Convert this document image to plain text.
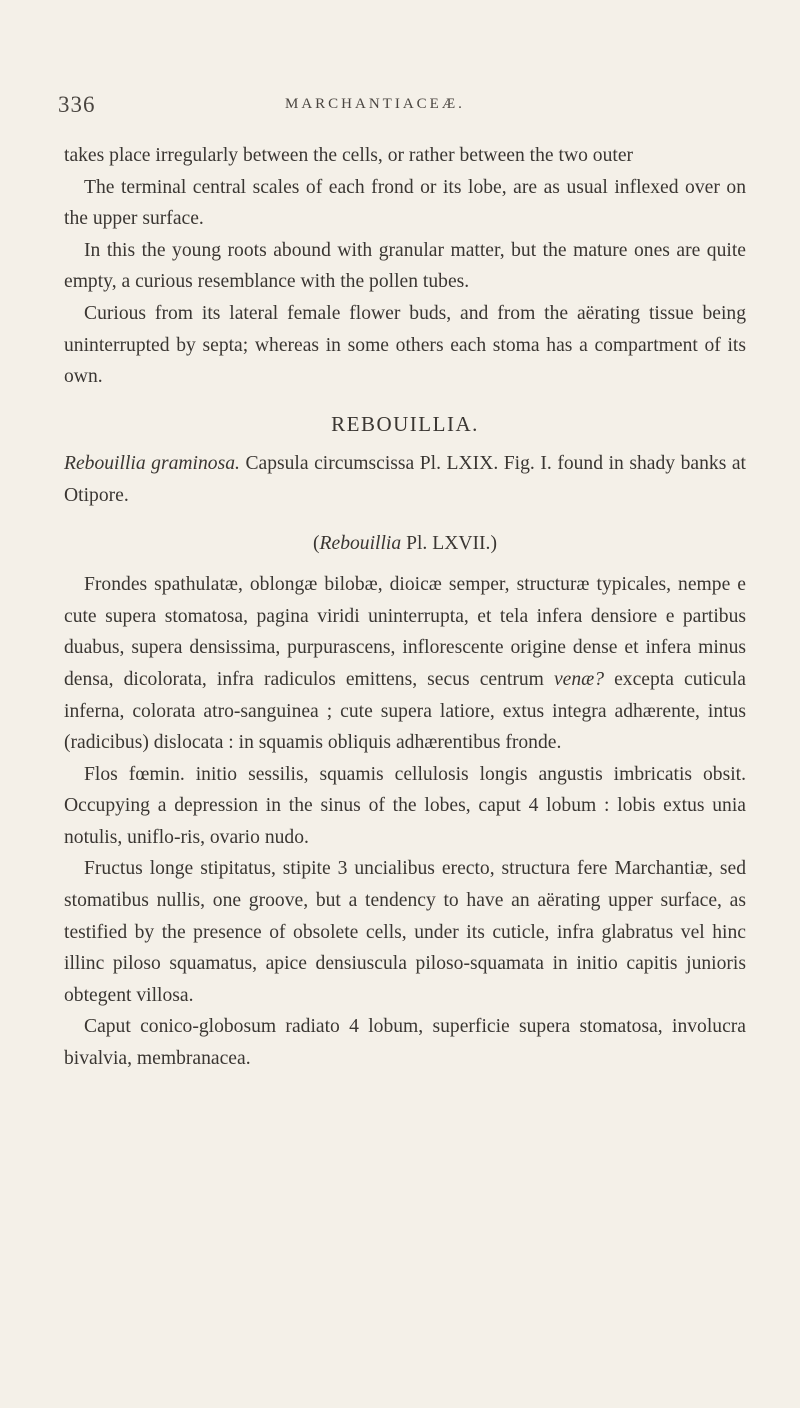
336	MARCHANTIACEÆ.

takes place irregularly between the cells, or rather between the two outer

The terminal central scales of each frond or its lobe, are as usual inflexed over on the upper surface.

In this the young roots abound with granular matter, but the mature ones are quite empty, a curious resemblance with the pollen tubes.

Curious from its lateral female flower buds, and from the aërating tissue being uninterrupted by septa; whereas in some others each stoma has a compartment of its own.

REBOUILLIA.

Rebouillia graminosa. Capsula circumscissa Pl. LXIX. Fig. I. found in shady banks at Otipore.

(Rebouillia Pl. LXVII.)

Frondes spathulatæ, oblongæ bilobæ, dioicæ semper, structuræ typicales, nempe e cute supera stomatosa, pagina viridi uninterrupta, et tela infera densiore e partibus duabus, supera densissima, purpurascens, inflorescente origine dense et infera minus densa, dicolorata, infra radiculos emittens, secus centrum venæ? excepta cuticula inferna, colorata atro-sanguinea ; cute supera latiore, extus integra adhærente, intus (radicibus) dislocata : in squamis obliquis adhærentibus fronde.

Flos fœmin. initio sessilis, squamis cellulosis longis angustis imbricatis obsit. Occupying a depression in the sinus of the lobes, caput 4 lobum : lobis extus unia notulis, uniflo-ris, ovario nudo.

Fructus longe stipitatus, stipite 3 uncialibus erecto, structura fere Marchantiæ, sed stomatibus nullis, one groove, but a tendency to have an aërating upper surface, as testified by the presence of obsolete cells, under its cuticle, infra glabratus vel hinc illinc piloso squamatus, apice densiuscula piloso-squamata in initio capitis junioris obtegent villosa.

Caput conico-globosum radiato 4 lobum, superficie supera stomatosa, involucra bivalvia, membranacea.
